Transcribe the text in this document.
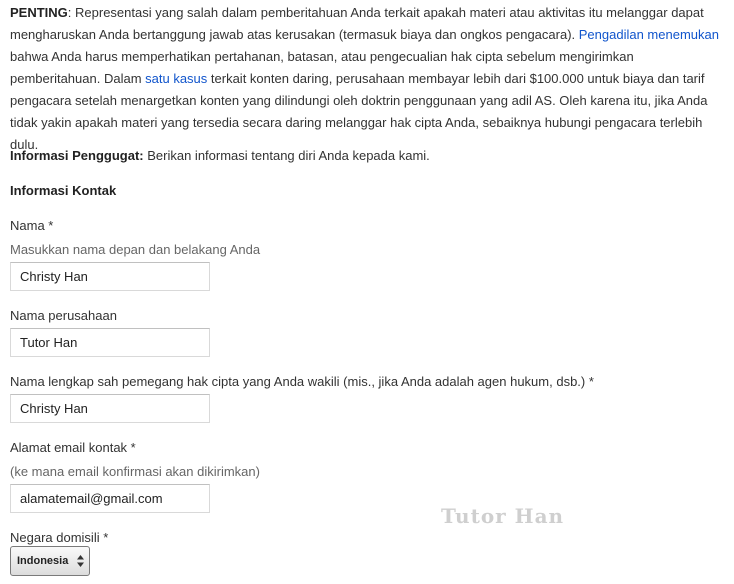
PENTING: Representasi yang salah dalam pemberitahuan Anda terkait apakah materi atau aktivitas itu melanggar dapat mengharuskan Anda bertanggung jawab atas kerusakan (termasuk biaya dan ongkos pengacara). Pengadilan menemukan bahwa Anda harus memperhatikan pertahanan, batasan, atau pengecualian hak cipta sebelum mengirimkan pemberitahuan. Dalam satu kasus terkait konten daring, perusahaan membayar lebih dari $100.000 untuk biaya dan tarif pengacara setelah menargetkan konten yang dilindungi oleh doktrin penggunaan yang adil AS. Oleh karena itu, jika Anda tidak yakin apakah materi yang tersedia secara daring melanggar hak cipta Anda, sebaiknya hubungi pengacara terlebih dulu.

Informasi Penggugat: Berikan informasi tentang diri Anda kepada kami.

Informasi Kontak

Nama *

Masukkan nama depan dan belakang Anda

Christy Han

Nama perusahaan

Tutor Han

Nama lengkap sah pemegang hak cipta yang Anda wakili (mis., jika Anda adalah agen hukum, dsb.) *

Christy Han

Alamat email kontak *

(ke mana email konfirmasi akan dikirimkan)

alamatemail@gmail.com

Negara domisili *

Indonesia
Tutor Han
